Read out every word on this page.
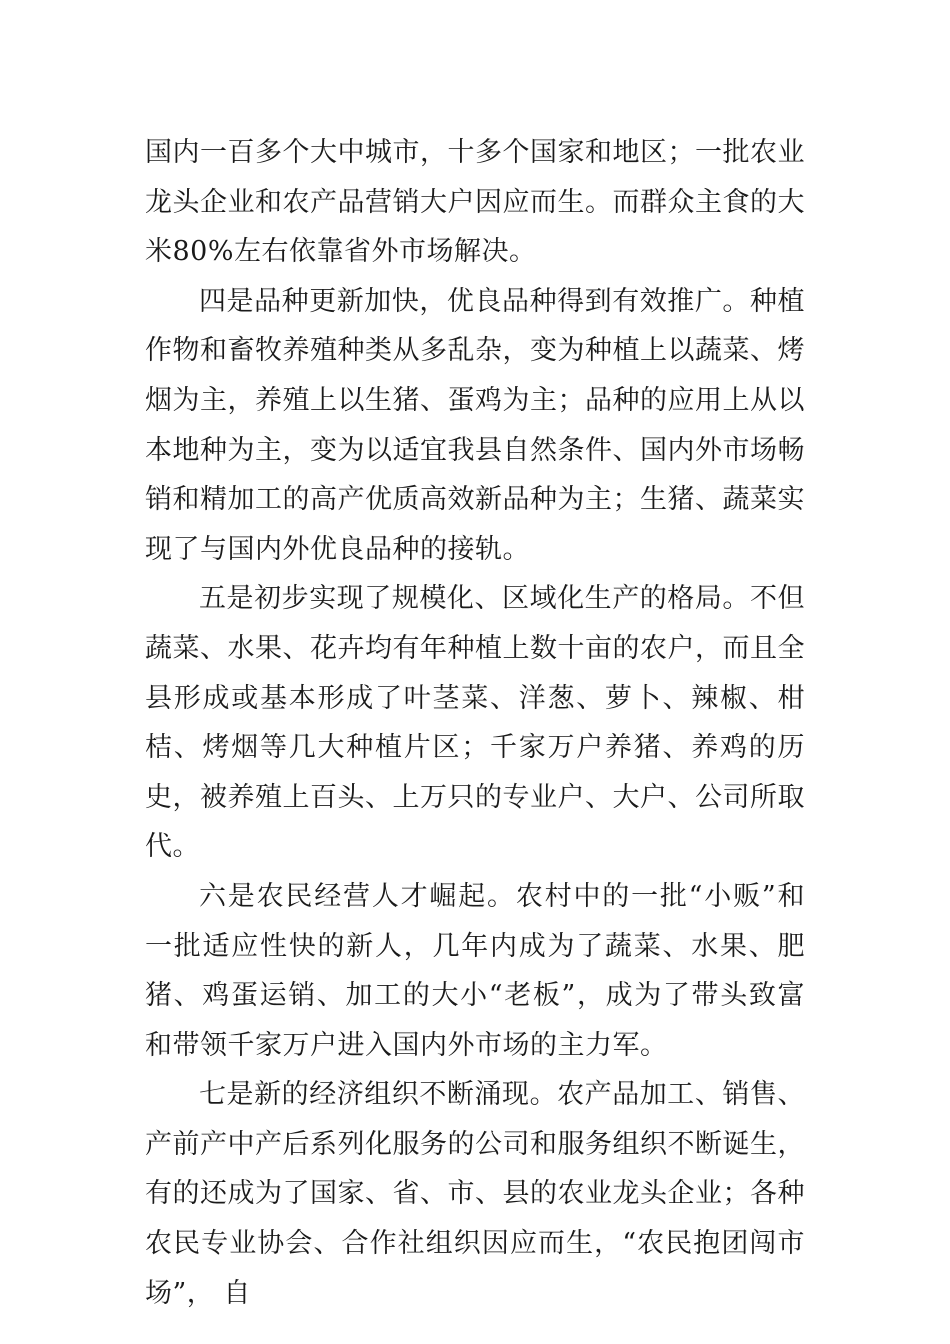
国内一百多个大中城市，十多个国家和地区；一批农业龙头企业和农产品营销大户因应而生。而群众主食的大米80%左右依靠省外市场解决。

四是品种更新加快，优良品种得到有效推广。种植作物和畜牧养殖种类从多乱杂，变为种植上以蔬菜、烤烟为主，养殖上以生猪、蛋鸡为主；品种的应用上从以本地种为主，变为以适宜我县自然条件、国内外市场畅销和精加工的高产优质高效新品种为主；生猪、蔬菜实现了与国内外优良品种的接轨。

五是初步实现了规模化、区域化生产的格局。不但蔬菜、水果、花卉均有年种植上数十亩的农户，而且全县形成或基本形成了叶茎菜、洋葱、萝卜、辣椒、柑桔、烤烟等几大种植片区；千家万户养猪、养鸡的历史，被养殖上百头、上万只的专业户、大户、公司所取代。

六是农民经营人才崛起。农村中的一批“小贩”和一批适应性快的新人，几年内成为了蔬菜、水果、肥猪、鸡蛋运销、加工的大小“老板”，成为了带头致富和带领千家万户进入国内外市场的主力军。

七是新的经济组织不断涌现。农产品加工、销售、产前产中产后系列化服务的公司和服务组织不断诞生，有的还成为了国家、省、市、县的农业龙头企业；各种农民专业协会、合作社组织因应而生，“农民抱团闯市场”， 自
